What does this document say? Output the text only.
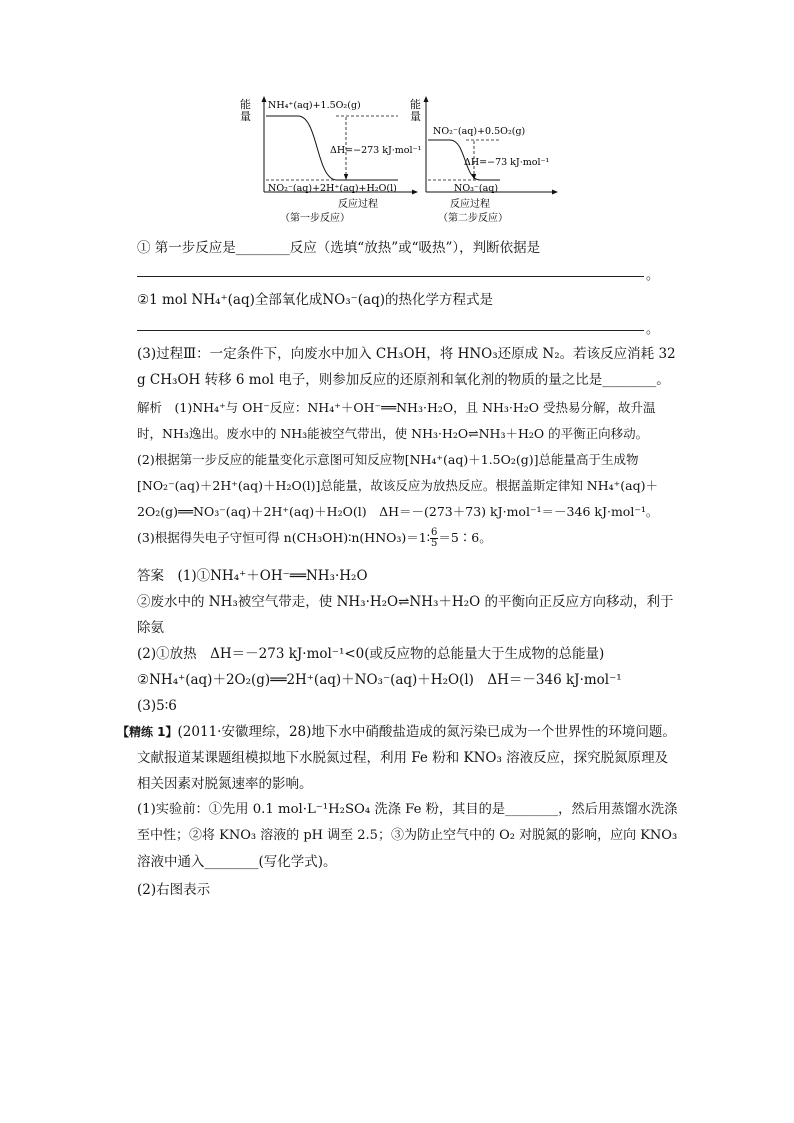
能
量
NH₄⁺(aq)+1.5O₂(g)
ΔH=−273 kJ·mol⁻¹
NO₂⁻(aq)+2H⁺(aq)+H₂O(l)
反应过程
（第一步反应）
能
量
NO₂⁻(aq)+0.5O₂(g)
ΔH=−73 kJ·mol⁻¹
NO₃⁻(aq)
反应过程
（第二步反应）
① 第一步反应是________反应（选填“放热”或“吸热”），判断依据是
。
②1 mol NH₄⁺(aq)全部氧化成NO₃⁻(aq)的热化学方程式是
。
(3)过程Ⅲ：一定条件下，向废水中加入 CH₃OH，将 HNO₃还原成 N₂。若该反应消耗 32
g CH₃OH 转移 6 mol 电子，则参加反应的还原剂和氧化剂的物质的量之比是________。
解析　(1)NH₄⁺与 OH⁻反应：NH₄⁺＋OH⁻══NH₃·H₂O，且 NH₃·H₂O 受热易分解，故升温
时，NH₃逸出。废水中的 NH₃能被空气带出，使 NH₃·H₂O⇌NH₃＋H₂O 的平衡正向移动。
(2)根据第一步反应的能量变化示意图可知反应物[NH₄⁺(aq)＋1.5O₂(g)]总能量高于生成物
[NO₂⁻(aq)＋2H⁺(aq)＋H₂O(l)]总能量，故该反应为放热反应。根据盖斯定律知 NH₄⁺(aq)＋
2O₂(g)══NO₃⁻(aq)＋2H⁺(aq)＋H₂O(l)　ΔH＝－(273＋73) kJ·mol⁻¹＝－346 kJ·mol⁻¹。
(3)根据得失电子守恒可得 n(CH₃OH)∶n(HNO₃)＝1∶ $\frac{6}{5}$ ＝5∶6。
答案　(1)①NH₄⁺＋OH⁻══NH₃·H₂O
②废水中的 NH₃被空气带走，使 NH₃·H₂O⇌NH₃＋H₂O 的平衡向正反应方向移动，利于
除氨
(2)①放热　ΔH＝－273 kJ·mol⁻¹<0(或反应物的总能量大于生成物的总能量)
②NH₄⁺(aq)＋2O₂(g)══2H⁺(aq)＋NO₃⁻(aq)＋H₂O(l)　ΔH＝－346 kJ·mol⁻¹
(3)5∶6
【精练 1】(2011·安徽理综，28)地下水中硝酸盐造成的氮污染已成为一个世界性的环境问题。
文献报道某课题组模拟地下水脱氮过程，利用 Fe 粉和 KNO₃ 溶液反应，探究脱氮原理及
相关因素对脱氮速率的影响。
(1)实验前：①先用 0.1 mol·L⁻¹H₂SO₄ 洗涤 Fe 粉，其目的是________，然后用蒸馏水洗涤
至中性；②将 KNO₃ 溶液的 pH 调至 2.5；③为防止空气中的 O₂ 对脱氮的影响，应向 KNO₃
溶液中通入________(写化学式)。
(2)右图表示
